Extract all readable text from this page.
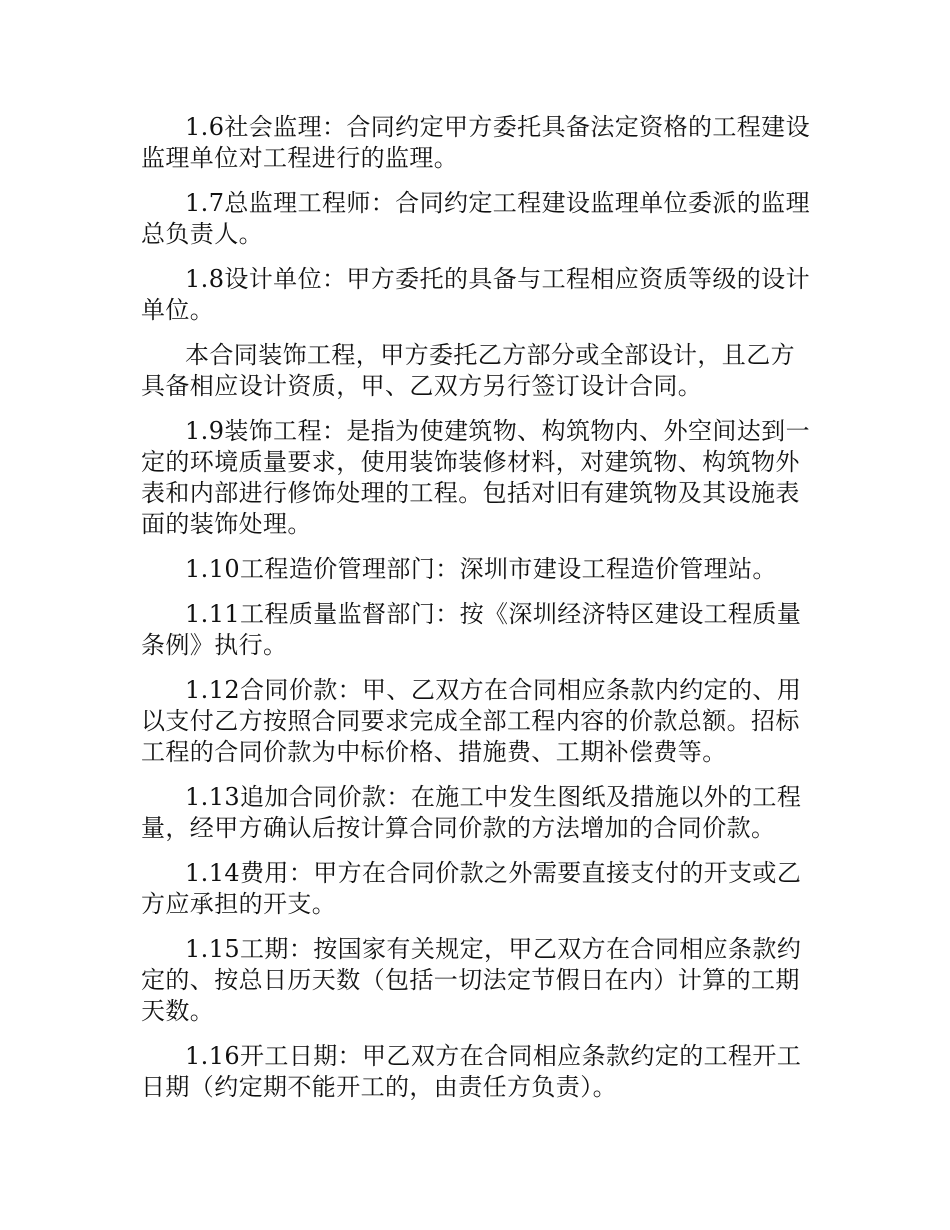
1.6社会监理：合同约定甲方委托具备法定资格的工程建设监理单位对工程进行的监理。

1.7总监理工程师：合同约定工程建设监理单位委派的监理总负责人。

1.8设计单位：甲方委托的具备与工程相应资质等级的设计单位。

本合同装饰工程，甲方委托乙方部分或全部设计，且乙方具备相应设计资质，甲、乙双方另行签订设计合同。

1.9装饰工程：是指为使建筑物、构筑物内、外空间达到一定的环境质量要求，使用装饰装修材料，对建筑物、构筑物外表和内部进行修饰处理的工程。包括对旧有建筑物及其设施表面的装饰处理。

1.10工程造价管理部门：深圳市建设工程造价管理站。

1.11工程质量监督部门：按《深圳经济特区建设工程质量条例》执行。

1.12合同价款：甲、乙双方在合同相应条款内约定的、用以支付乙方按照合同要求完成全部工程内容的价款总额。招标工程的合同价款为中标价格、措施费、工期补偿费等。

1.13追加合同价款：在施工中发生图纸及措施以外的工程量，经甲方确认后按计算合同价款的方法增加的合同价款。

1.14费用：甲方在合同价款之外需要直接支付的开支或乙方应承担的开支。

1.15工期：按国家有关规定，甲乙双方在合同相应条款约定的、按总日历天数（包括一切法定节假日在内）计算的工期天数。

1.16开工日期：甲乙双方在合同相应条款约定的工程开工日期（约定期不能开工的，由责任方负责）。
